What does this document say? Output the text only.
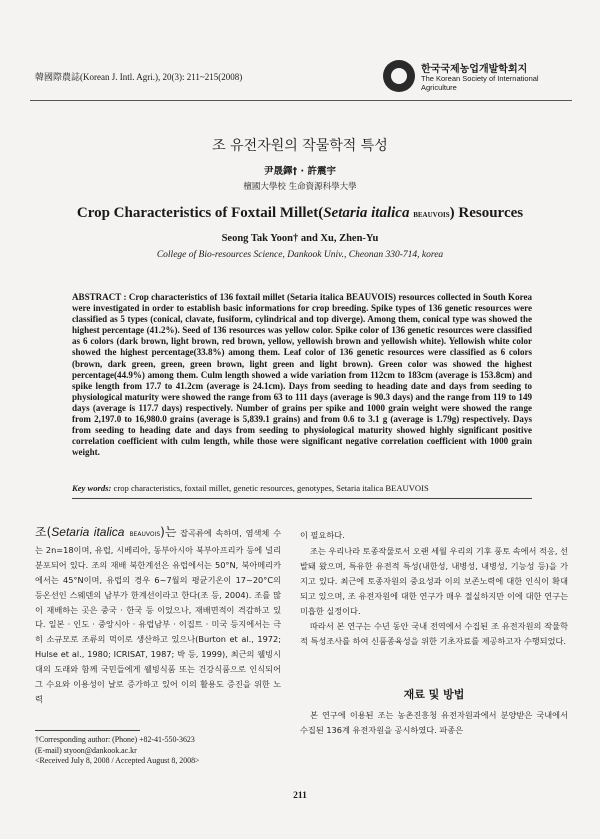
韓國際農誌(Korean J. Intl. Agri.), 20(3): 211~215(2008)
한국국제농업개발학회지
The Korean Society of International Agriculture
조 유전자원의 작물학적 특성
尹晟鐸† · 許震宇
檀國大學校 生命資源科學大學
Crop Characteristics of Foxtail Millet(Setaria italica BEAUVOIS) Resources
Seong Tak Yoon† and Xu, Zhen-Yu
College of Bio-resources Science, Dankook Univ., Cheonan 330-714, korea
ABSTRACT : Crop characteristics of 136 foxtail millet (Setaria italica BEAUVOIS) resources collected in South Korea were investigated in order to establish basic informations for crop breeding. Spike types of 136 genetic resources were classified as 5 types (conical, clavate, fusiform, cylindrical and top diverge). Among them, conical type was showed the highest percentage (41.2%). Seed of 136 resources was yellow color. Spike color of 136 genetic resources were classified as 6 colors (dark brown, light brown, red brown, yellow, yellowish brown and yellowish white). Yellowish white color showed the highest percentage(33.8%) among them. Leaf color of 136 genetic resources were classified as 6 colors (brown, dark green, green, green brown, light green and light brown). Green color was showed the highest percentage(44.9%) among them. Culm length showed a wide variation from 112cm to 183cm (average is 153.8cm) and spike length from 17.7 to 41.2cm (average is 24.1cm). Days from seeding to heading date and days from seeding to physiological maturity were showed the range from 63 to 111 days (average is 90.3 days) and the range from 119 to 149 days (average is 117.7 days) respectively. Number of grains per spike and 1000 grain weight were showed the range from 2,197.0 to 16,980.0 grains (average is 5,839.1 grains) and from 0.6 to 3.1 g (average is 1.79g) respectively. Days from seeding to heading date and days from seeding to physiological maturity showed highly significant positive correlation coefficient with culm length, while those were significant negative correlation coefficient with 1000 grain weight.
Key words: crop characteristics, foxtail millet, genetic resources, genotypes, Setaria italica BEAUVOIS

조(Setaria italica BEAUVOIS)는 잡곡류에 속하며, 염색체 수는 2n=18이며, 유럽, 시베리아, 동부아시아 북부아프리카 등에 널리 분포되어 있다. 조의 재배 북한계선은 유럽에서는 50°N, 북아메리카에서는 45°N이며, 유럽의 경우 6~7월의 평균기온이 17~20°C의 등온선인 스웨덴의 남부가 한계선이라고 한다(조 등, 2004). 조를 많이 재배하는 곳은 중국 · 한국 등 이었으나, 재배면적이 격감하고 있다. 일본 · 인도 · 중앙시아 · 유럽남부 · 이집트 · 미국 등지에서는 극히 소규모로 조류의 먹이로 생산하고 있으나(Burton et al., 1972; Hulse et al., 1980; ICRISAT, 1987; 박 등, 1999), 최근의 웰빙시대의 도래와 함께 국민들에게 웰빙식품 또는 건강식품으로 인식되어 그 수요와 이용성이 날로 증가하고 있어 이의 활용도 증진을 위한 노력

이 필요하다.

조는 우리나라 토종작물로서 오랜 세월 우리의 기후 풍토 속에서 적응, 선발돼 왔으며, 특유한 유전적 특성(내한성, 내병성, 내병성, 기능성 등)을 가지고 있다. 최근에 토종자원의 중요성과 이의 보존노력에 대한 인식이 확대되고 있으며, 조 유전자원에 대한 연구가 매우 절실하지만 이에 대한 연구는 미흡한 실정이다.

따라서 본 연구는 수년 동안 국내 전역에서 수집된 조 유전자원의 작물학적 특성조사를 하여 신품종육성을 위한 기초자료를 제공하고자 수행되었다.

재료 및 방법

본 연구에 이용된 조는 농촌진흥청 유전자원과에서 분양받은 국내에서 수집된 136계 유전자원을 공시하였다. 파종은

†Corresponding author: (Phone) +82-41-550-3623
(E-mail) styoon@dankook.ac.kr
<Received July 8, 2008 / Accepted August 8, 2008>
211
